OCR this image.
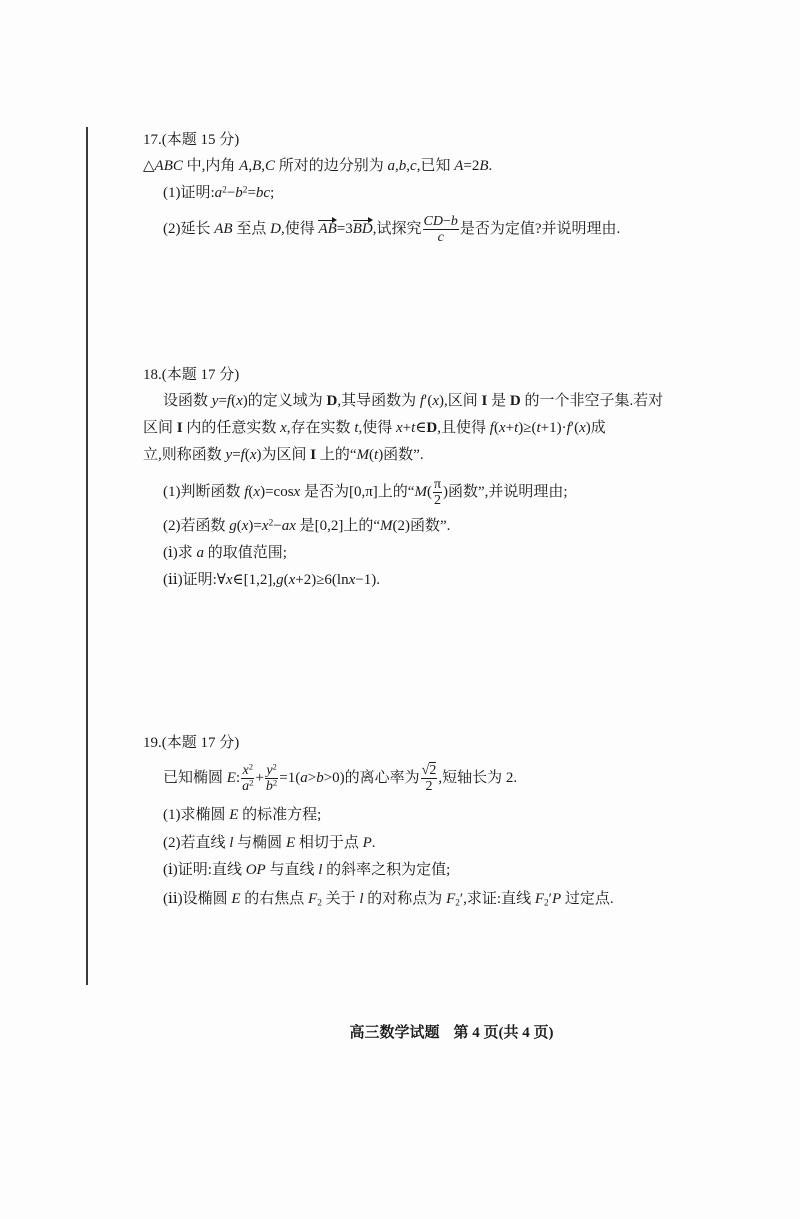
17.(本题 15 分)
△ABC 中,内角 A,B,C 所对的边分别为 a,b,c,已知 A=2B.
(1)证明$:a^2-b^2=bc$;
(2)延长 AB 至点 D,使得 AB=3BD,试探究 $\frac{CD-b}{c}$ 是否为定值?并说明理由.
18.(本题 17 分)
设函数 y=f(x)的定义域为 D,其导函数为 f′(x),区间 I 是 D 的一个非空子集.若对
区间 I 内的任意实数 x,存在实数 t,使得 x+t∈D,且使得 f(x+t)≥(t+1)·f′(x)成
立,则称函数 y=f(x)为区间 I 上的“M(t)函数”.
(1)判断函数 f(x)=cosx 是否为[0,π]上的“$M( \frac{\pi}{2}$ )函数”,并说明理由;
(2)若函数 $g(x)=x^2-ax$ 是[0,2]上的“M(2)函数”.
(ⅰ)求 a 的取值范围;
(ⅱ)证明:∀x∈[1,2],g(x+2)≥6(lnx−1).
19.(本题 17 分)
已知椭圆 E: $\frac{x^2}{a^2} + \frac{y^2}{b^2} =1(a>b>0)$的离心率为 $\frac{√2}{2}$ ,短轴长为 2.
(1)求椭圆 E 的标准方程;
(2)若直线 l 与椭圆 E 相切于点 P.
(ⅰ)证明:直线 OP 与直线 l 的斜率之积为定值;
(ⅱ)设椭圆 E 的右焦点 $F_2$ 关于 l 的对称点为 $F_2'$,求证:直线 $F_2'P$ 过定点.

高三数学试题 第 4 页(共 4 页)
